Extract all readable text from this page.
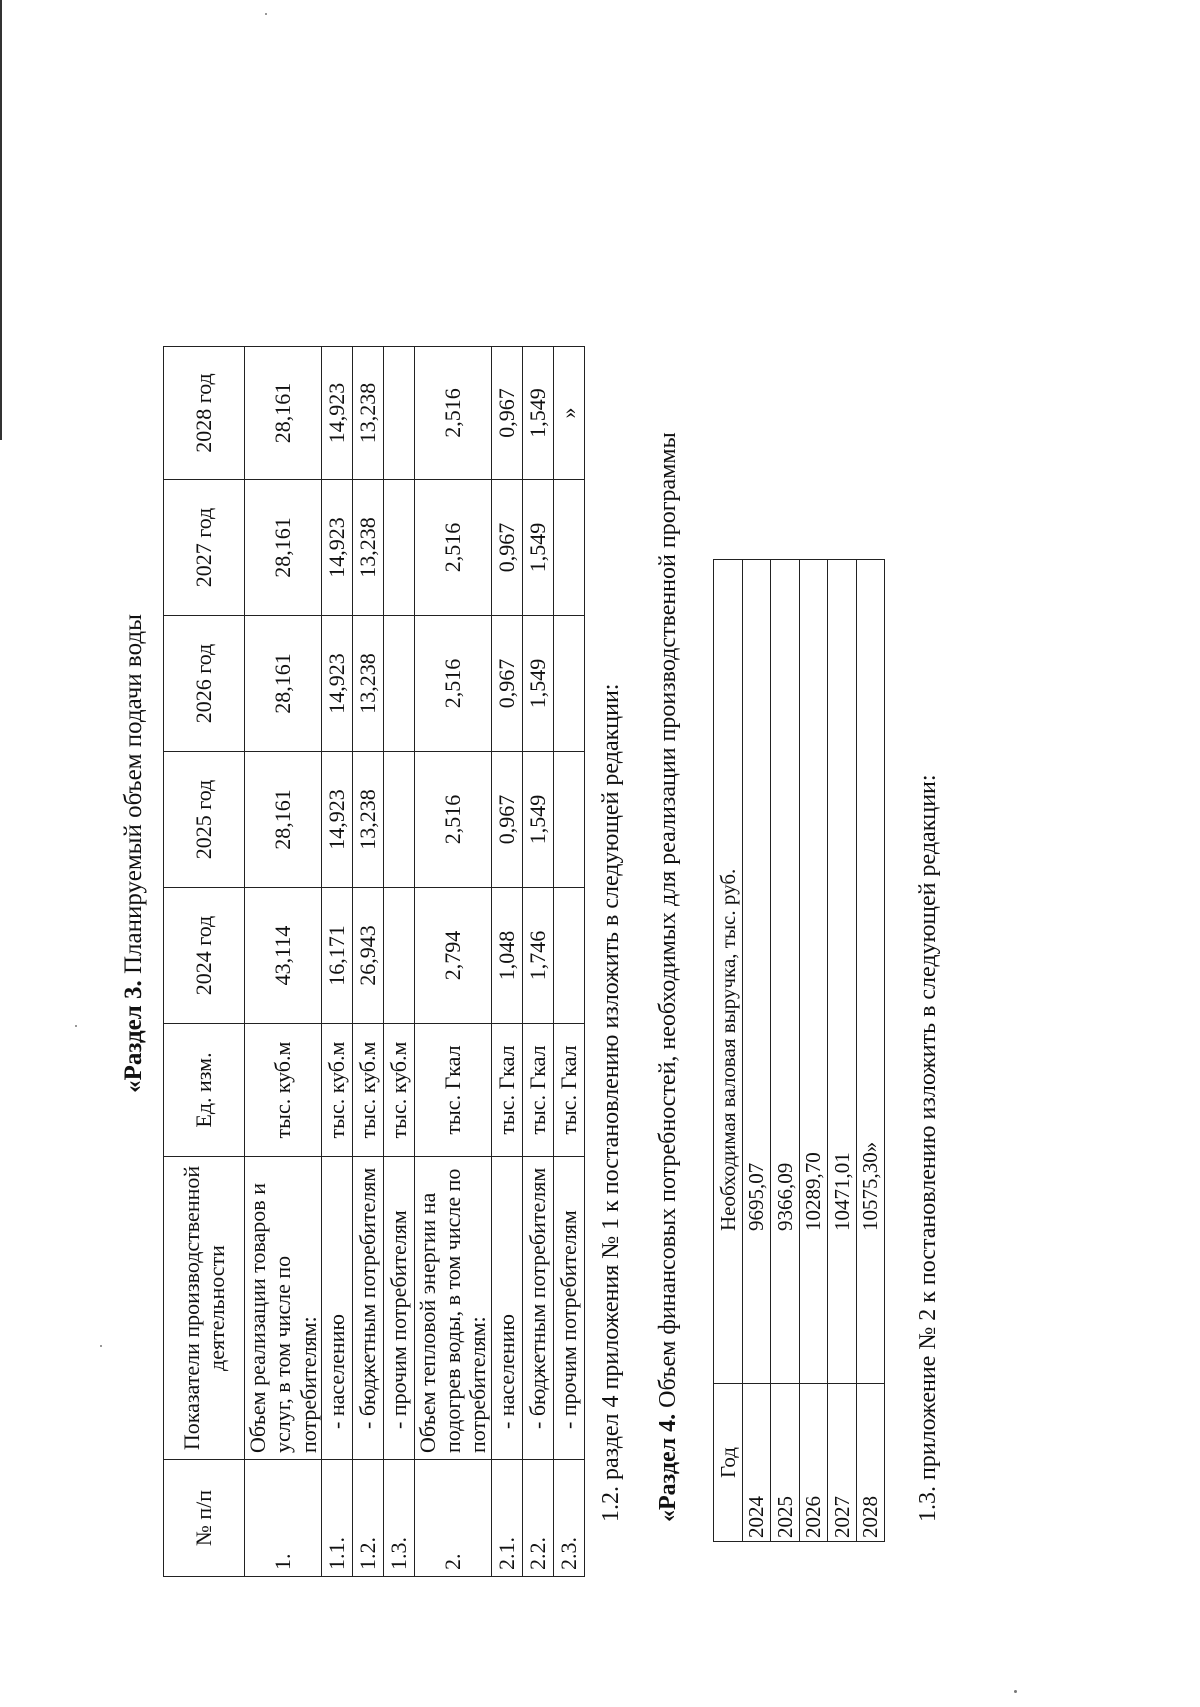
«Раздел 3. Планируемый объем подачи воды
№ п/п	Показатели производственной деятельности	Ед. изм.	2024 год	2025 год	2026 год	2027 год	2028 год
1.	Объем реализации товаров и услуг, в том числе по потребителям:	тыс. куб.м	43,114	28,161	28,161	28,161	28,161
1.1.	- населению	тыс. куб.м	16,171	14,923	14,923	14,923	14,923
1.2.	- бюджетным потребителям	тыс. куб.м	26,943	13,238	13,238	13,238	13,238
1.3.	- прочим потребителям	тыс. куб.м					
2.	Объем тепловой энергии на подогрев воды, в том числе по потребителям:	тыс. Гкал	2,794	2,516	2,516	2,516	2,516
2.1.	- населению	тыс. Гкал	1,048	0,967	0,967	0,967	0,967
2.2.	- бюджетным потребителям	тыс. Гкал	1,746	1,549	1,549	1,549	1,549
2.3.	- прочим потребителям	тыс. Гкал					»
1.2. раздел 4 приложения № 1 к постановлению изложить в следующей редакции: «Раздел 4. Объем финансовых потребностей, необходимых для реализации производственной программы
Год	Необходимая валовая выручка, тыс. руб.
2024	9695,07
2025	9366,09
2026	10289,70
2027	10471,01
2028	10575,30» 1.3. приложение № 2 к постановлению изложить в следующей редакции:
